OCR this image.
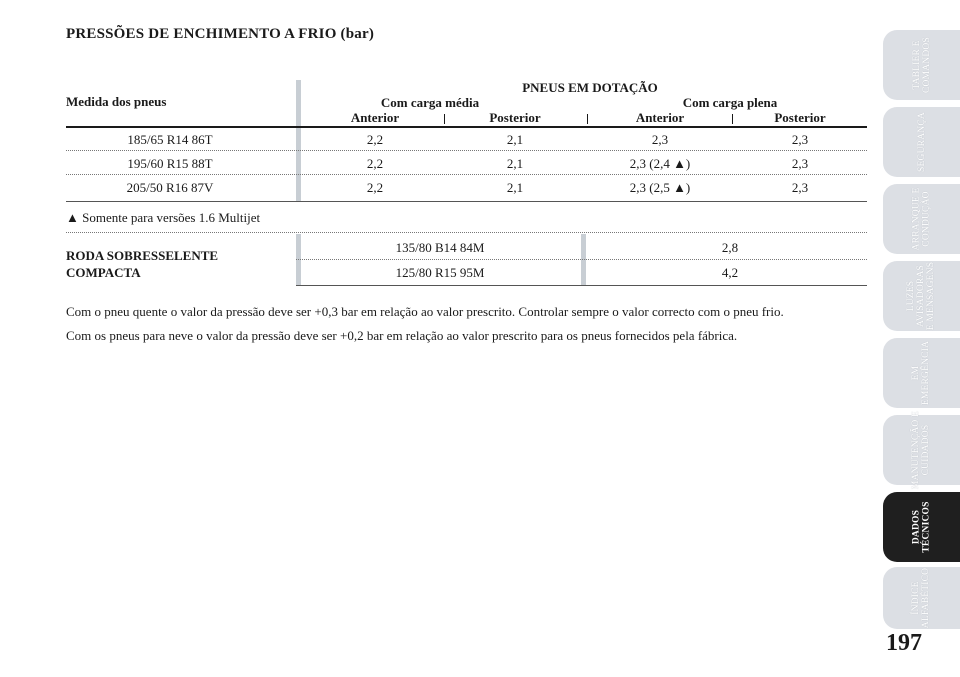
PRESSÕES DE ENCHIMENTO A FRIO (bar)
Medida dos pneus
PNEUS EM DOTAÇÃO
Com carga média	Com carga plena
Anterior	Posterior	Anterior	Posterior
185/65 R14 86T	2,2	2,1	2,3	2,3
195/60 R15 88T	2,2	2,1	2,3 (2,4 ▲)	2,3
205/50 R16 87V	2,2	2,1	2,3 (2,5 ▲)	2,3
▲ Somente para versões 1.6 Multijet
RODA SOBRESSELENTE
COMPACTA
135/80 B14 84M	2,8
125/80 R15 95M	4,2
Com o pneu quente o valor da pressão deve ser +0,3 bar em relação ao valor prescrito. Controlar sempre o valor correcto com o pneu frio.
Com os pneus para neve o valor da pressão deve ser +0,2 bar em relação ao valor prescrito para os pneus fornecidos pela fábrica.
TABLIER E
COMANDOS
SEGURANÇA
ARRANQUE E
CONDUÇÃO
LUZES
AVISADORAS
E MENSAGENS
EM
EMERGÊNCIA
MANUTENÇÃO E
CUIDADOS
DADOS
TÉCNICOS
ÍNDICE
ALFABÉTICO
197
